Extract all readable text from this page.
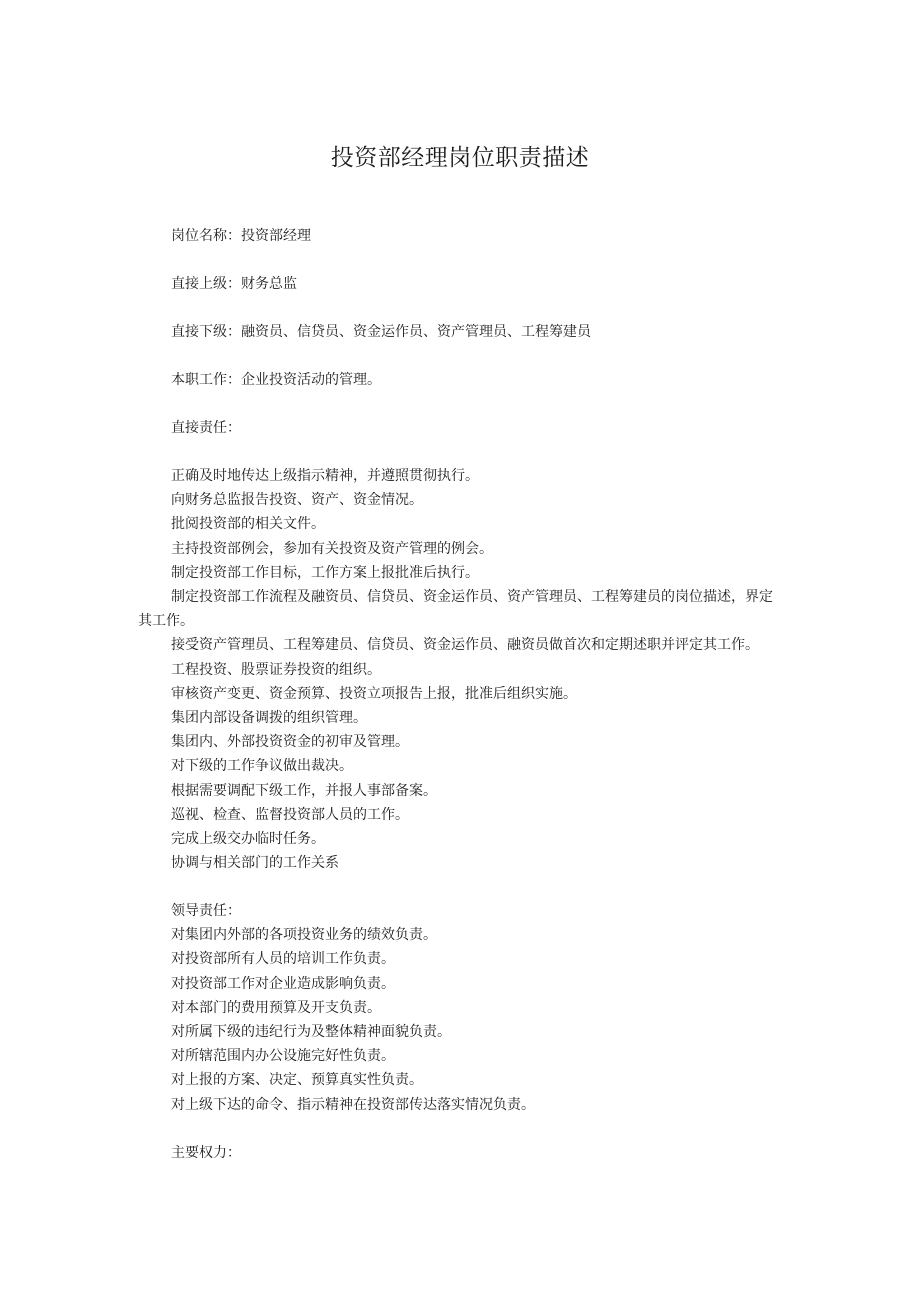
投资部经理岗位职责描述

岗位名称：投资部经理

直接上级：财务总监

直接下级：融资员、信贷员、资金运作员、资产管理员、工程筹建员

本职工作：企业投资活动的管理。

直接责任：

正确及时地传达上级指示精神，并遵照贯彻执行。

向财务总监报告投资、资产、资金情况。

批阅投资部的相关文件。

主持投资部例会，参加有关投资及资产管理的例会。

制定投资部工作目标，工作方案上报批准后执行。

制定投资部工作流程及融资员、信贷员、资金运作员、资产管理员、工程筹建员的岗位描述，界定其工作。

接受资产管理员、工程筹建员、信贷员、资金运作员、融资员做首次和定期述职并评定其工作。

工程投资、股票证券投资的组织。

审核资产变更、资金预算、投资立项报告上报，批准后组织实施。

集团内部设备调拨的组织管理。

集团内、外部投资资金的初审及管理。

对下级的工作争议做出裁决。

根据需要调配下级工作，并报人事部备案。

巡视、检查、监督投资部人员的工作。

完成上级交办临时任务。

协调与相关部门的工作关系

领导责任：

对集团内外部的各项投资业务的绩效负责。

对投资部所有人员的培训工作负责。

对投资部工作对企业造成影响负责。

对本部门的费用预算及开支负责。

对所属下级的违纪行为及整体精神面貌负责。

对所辖范围内办公设施完好性负责。

对上报的方案、决定、预算真实性负责。

对上级下达的命令、指示精神在投资部传达落实情况负责。

主要权力：
